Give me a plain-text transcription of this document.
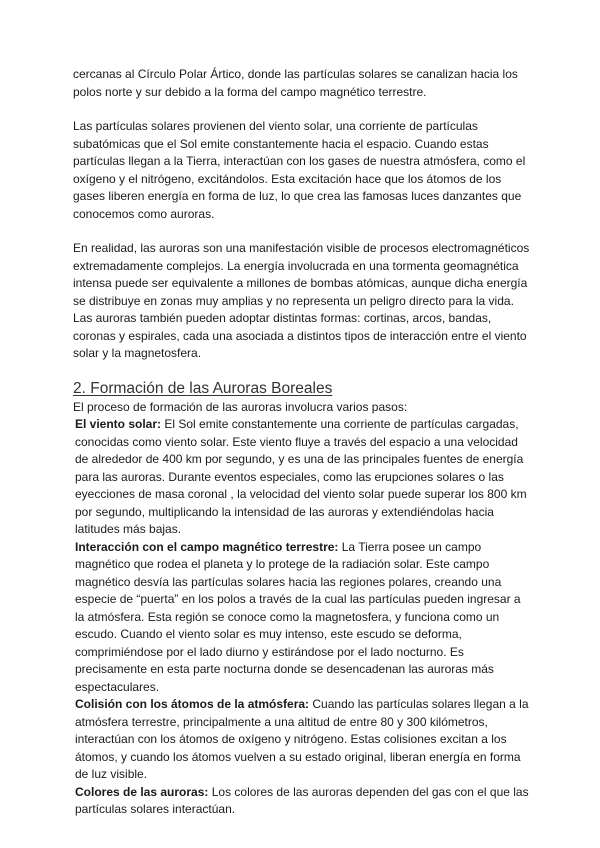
cercanas al Círculo Polar Ártico, donde las partículas solares se canalizan hacia los polos norte y sur debido a la forma del campo magnético terrestre.

Las partículas solares provienen del viento solar, una corriente de partículas subatómicas que el Sol emite constantemente hacia el espacio. Cuando estas partículas llegan a la Tierra, interactúan con los gases de nuestra atmósfera, como el oxígeno y el nitrógeno, excitándolos. Esta excitación hace que los átomos de los gases liberen energía en forma de luz, lo que crea las famosas luces danzantes que conocemos como auroras.

En realidad, las auroras son una manifestación visible de procesos electromagnéticos extremadamente complejos. La energía involucrada en una tormenta geomagnética intensa puede ser equivalente a millones de bombas atómicas, aunque dicha energía se distribuye en zonas muy amplias y no representa un peligro directo para la vida. Las auroras también pueden adoptar distintas formas: cortinas, arcos, bandas, coronas y espirales, cada una asociada a distintos tipos de interacción entre el viento solar y la magnetosfera.

2. Formación de las Auroras Boreales

El proceso de formación de las auroras involucra varios pasos:

El viento solar: El Sol emite constantemente una corriente de partículas cargadas, conocidas como viento solar. Este viento fluye a través del espacio a una velocidad de alrededor de 400 km por segundo, y es una de las principales fuentes de energía para las auroras. Durante eventos especiales, como las erupciones solares o las eyecciones de masa coronal , la velocidad del viento solar puede superar los 800 km por segundo, multiplicando la intensidad de las auroras y extendiéndolas hacia latitudes más bajas.

Interacción con el campo magnético terrestre: La Tierra posee un campo magnético que rodea el planeta y lo protege de la radiación solar. Este campo magnético desvía las partículas solares hacia las regiones polares, creando una especie de “puerta” en los polos a través de la cual las partículas pueden ingresar a la atmósfera. Esta región se conoce como la magnetosfera, y funciona como un escudo. Cuando el viento solar es muy intenso, este escudo se deforma, comprimiéndose por el lado diurno y estirándose por el lado nocturno. Es precisamente en esta parte nocturna donde se desencadenan las auroras más espectaculares.

Colisión con los átomos de la atmósfera: Cuando las partículas solares llegan a la atmósfera terrestre, principalmente a una altitud de entre 80 y 300 kilómetros, interactúan con los átomos de oxígeno y nitrógeno. Estas colisiones excitan a los átomos, y cuando los átomos vuelven a su estado original, liberan energía en forma de luz visible.

Colores de las auroras: Los colores de las auroras dependen del gas con el que las partículas solares interactúan.
